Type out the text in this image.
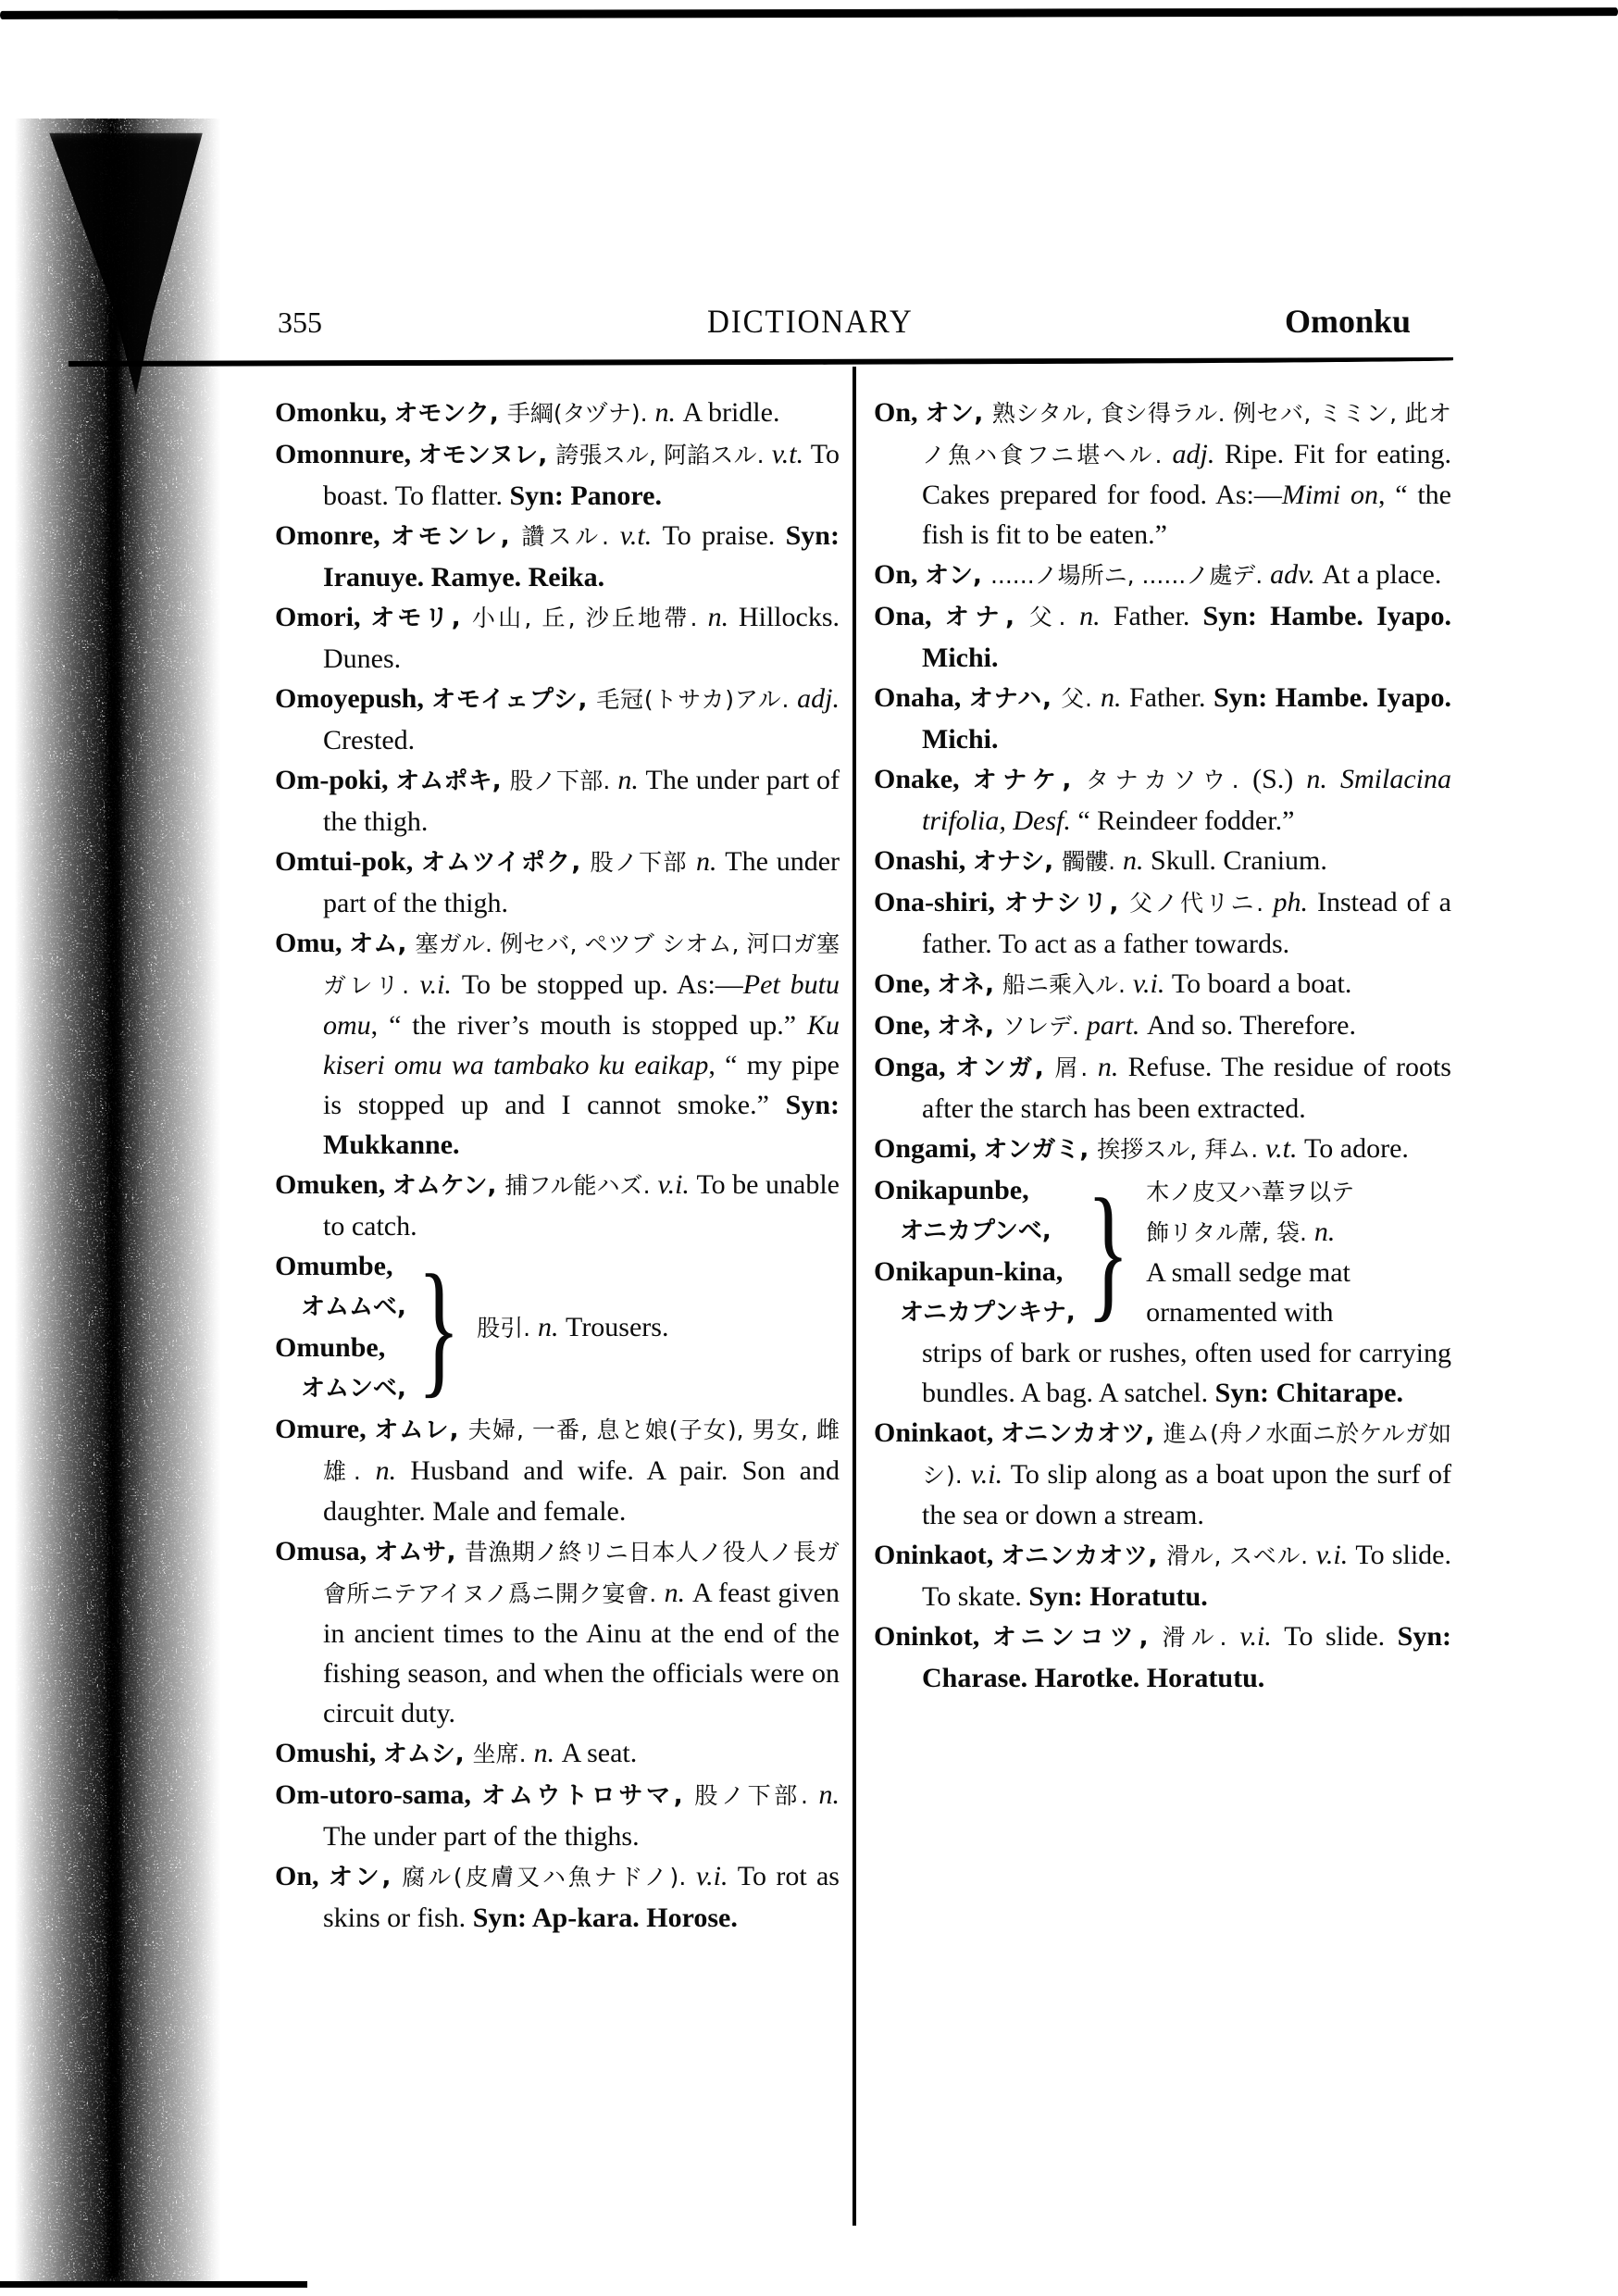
355	DICTIONARY	Omonku
Omonku, オモンク, 手綱(タヅナ). n. A bridle.
Omonnure, オモンヌレ, 誇張スル, 阿諂スル. v.t. To boast. To flatter. Syn: Panore.
Omonre, オモンレ, 讚スル. v.t. To praise. Syn: Iranuye. Ramye. Reika.
Omori, オモリ, 小山, 丘, 沙丘地帶. n. Hillocks. Dunes.
Omoyepush, オモイェプシ, 毛冠(トサカ)アル. adj. Crested.
Om-poki, オムポキ, 股ノ下部. n. The under part of the thigh.
Omtui-pok, オムツイポク, 股ノ下部 n. The under part of the thigh.
Omu, オム, 塞ガル. 例セバ, ペツブ シオム, 河口ガ塞ガレリ. v.i. To be stopped up. As:—Pet butu omu, “ the river’s mouth is stopped up.” Ku kiseri omu wa tambako ku eaikap, “ my pipe is stopped up and I cannot smoke.” Syn: Mukkanne.
Omuken, オムケン, 捕フル能ハズ. v.i. To be unable to catch.
Omumbe,
オムムベ,
Omunbe,
オムンベ, } 股引. n. Trousers.
Omure, オムレ, 夫婦, 一番, 息と娘(子女), 男女, 雌雄. n. Husband and wife. A pair. Son and daughter. Male and female.
Omusa, オムサ, 昔漁期ノ終リニ日本人ノ役人ノ長ガ會所ニテアイヌノ爲ニ開ク宴會. n. A feast given in ancient times to the Ainu at the end of the fishing season, and when the officials were on circuit duty.
Omushi, オムシ, 坐席. n. A seat.
Om-utoro-sama, オムウトロサマ, 股ノ下部. n. The under part of the thighs.
On, オン, 腐ル(皮膚又ハ魚ナドノ). v.i. To rot as skins or fish. Syn: Ap-kara. Horose.
On, オン, 熟シタル, 食シ得ラル. 例セバ, ミミン, 此オノ魚ハ食フニ堪ヘル. adj. Ripe. Fit for eating. Cakes prepared for food. As:—Mimi on, “ the fish is fit to be eaten.”
On, オン, ......ノ場所ニ, ......ノ處デ. adv. At a place.
Ona, オナ, 父. n. Father. Syn: Hambe. Iyapo. Michi.
Onaha, オナハ, 父. n. Father. Syn: Hambe. Iyapo. Michi.
Onake, オナケ, タナカソウ. (S.) n. Smilacina trifolia, Desf. “ Reindeer fodder.”
Onashi, オナシ, 髑髏. n. Skull. Cranium.
Ona-shiri, オナシリ, 父ノ代リニ. ph. Instead of a father. To act as a father towards.
One, オネ, 船ニ乘入ル. v.i. To board a boat.
One, オネ, ソレデ. part. And so. Therefore.
Onga, オンガ, 屑. n. Refuse. The residue of roots after the starch has been extracted.
Ongami, オンガミ, 挨拶スル, 拜ム. v.t. To adore.
Onikapunbe,
オニカプンベ,
Onikapun-kina,
オニカプンキナ, } 木ノ皮又ハ葦ヲ以テ
飾リタル蓆, 袋. n.
A small sedge mat
ornamented with
strips of bark or rushes, often used for carrying bundles. A bag. A satchel. Syn: Chitarape.
Oninkaot, オニンカオツ, 進ム(舟ノ水面ニ於ケルガ如シ). v.i. To slip along as a boat upon the surf of the sea or down a stream.
Oninkaot, オニンカオツ, 滑ル, スベル. v.i. To slide. To skate. Syn: Horatutu.
Oninkot, オニンコツ, 滑ル. v.i. To slide. Syn: Charase. Harotke. Horatutu.
